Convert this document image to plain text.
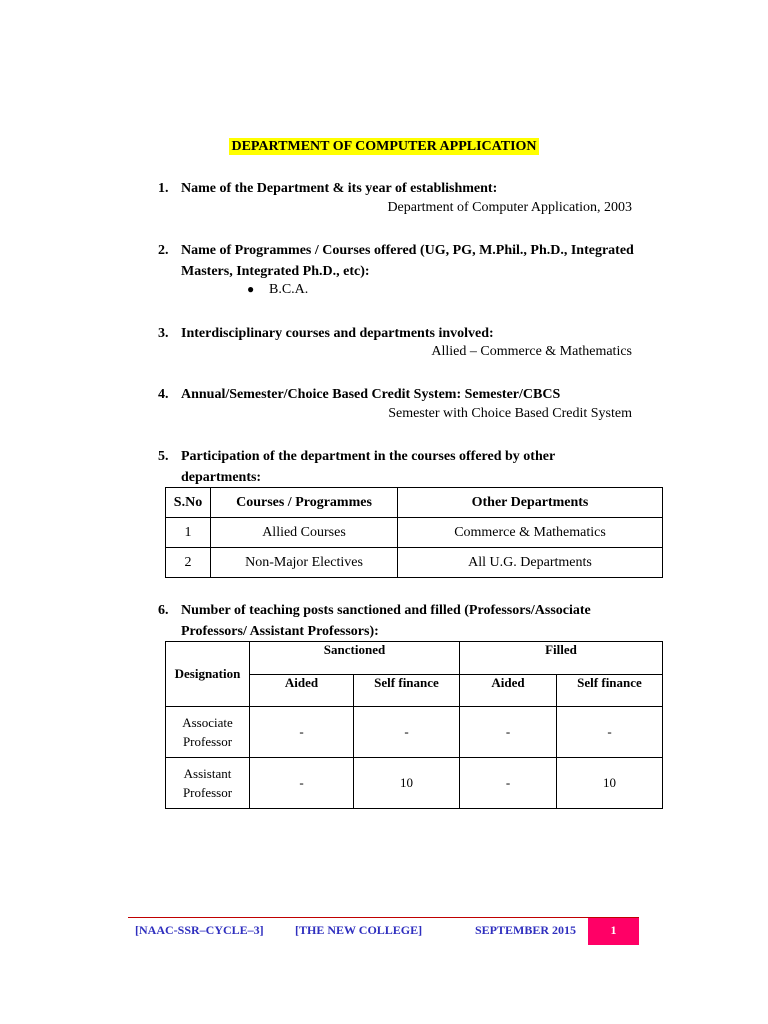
DEPARTMENT OF COMPUTER APPLICATION
1. Name of the Department & its year of establishment:
Department of Computer Application, 2003
2. Name of Programmes / Courses offered (UG, PG, M.Phil., Ph.D., Integrated Masters, Integrated Ph.D., etc):
● B.C.A.
3. Interdisciplinary courses and departments involved:
Allied – Commerce & Mathematics
4. Annual/Semester/Choice Based Credit System: Semester/CBCS
Semester with Choice Based Credit System
5. Participation of the department in the courses offered by other departments:
S.No	Courses / Programmes	Other Departments
1	Allied Courses	Commerce & Mathematics
2	Non-Major Electives	All U.G. Departments
6. Number of teaching posts sanctioned and filled (Professors/Associate Professors/ Assistant Professors):
Designation	Sanctioned		Filled	
	Aided	Self finance	Aided	Self finance
Associate Professor	-	-	-	-
Assistant Professor	-	10	-	10
[NAAC-SSR–CYCLE–3]	[THE NEW COLLEGE]	SEPTEMBER 2015	1
